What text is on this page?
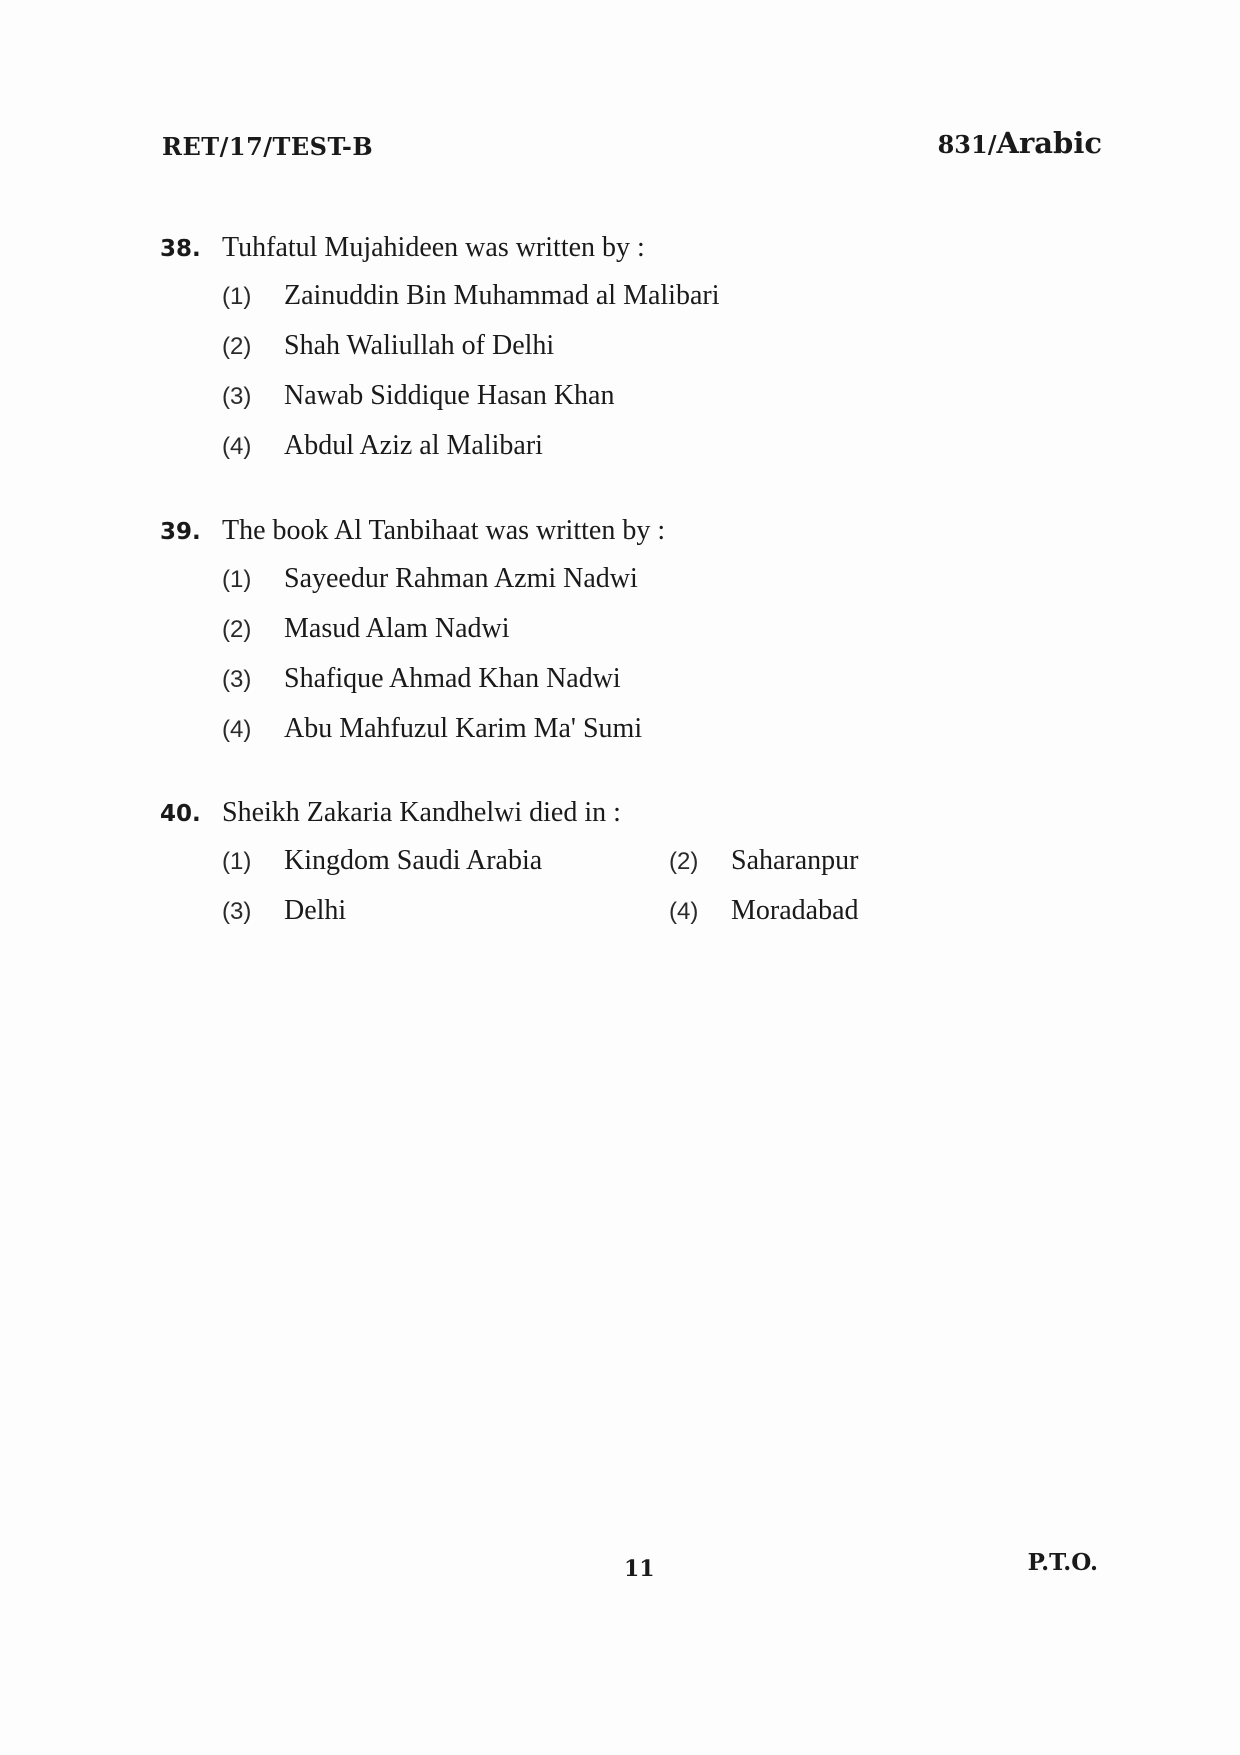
RET/17/TEST-B	831/Arabic
38. Tuhfatul Mujahideen was written by :
(1) Zainuddin Bin Muhammad al Malibari
(2) Shah Waliullah of Delhi
(3) Nawab Siddique Hasan Khan
(4) Abdul Aziz al Malibari
39. The book Al Tanbihaat was written by :
(1) Sayeedur Rahman Azmi Nadwi
(2) Masud Alam Nadwi
(3) Shafique Ahmad Khan Nadwi
(4) Abu Mahfuzul Karim Ma' Sumi
40. Sheikh Zakaria Kandhelwi died in :
(1) Kingdom Saudi Arabia	(2) Saharanpur
(3) Delhi	(4) Moradabad
11	P.T.O.
